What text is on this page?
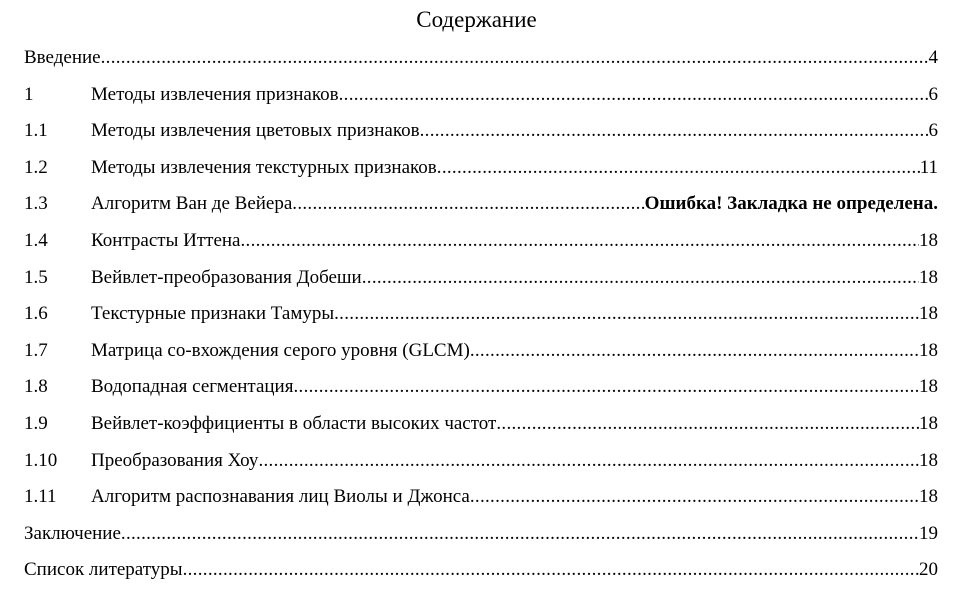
Содержание
Введение .....	4
1	Методы извлечения признаков .....	6
1.1	Методы извлечения цветовых признаков .....	6
1.2	Методы извлечения текстурных признаков .....	11
1.3	Алгоритм Ван де Вейера .....	Ошибка! Закладка не определена.
1.4	Контрасты Иттена .....	18
1.5	Вейвлет-преобразования Добеши .....	18
1.6	Текстурные признаки Тамуры .....	18
1.7	Матрица со-вхождения серого уровня (GLCM) .....	18
1.8	Водопадная сегментация .....	18
1.9	Вейвлет-коэффициенты в области высоких частот .....	18
1.10	Преобразования Хоу .....	18
1.11	Алгоритм распознавания лиц Виолы и Джонса .....	18
Заключение .....	19
Список литературы .....	20
